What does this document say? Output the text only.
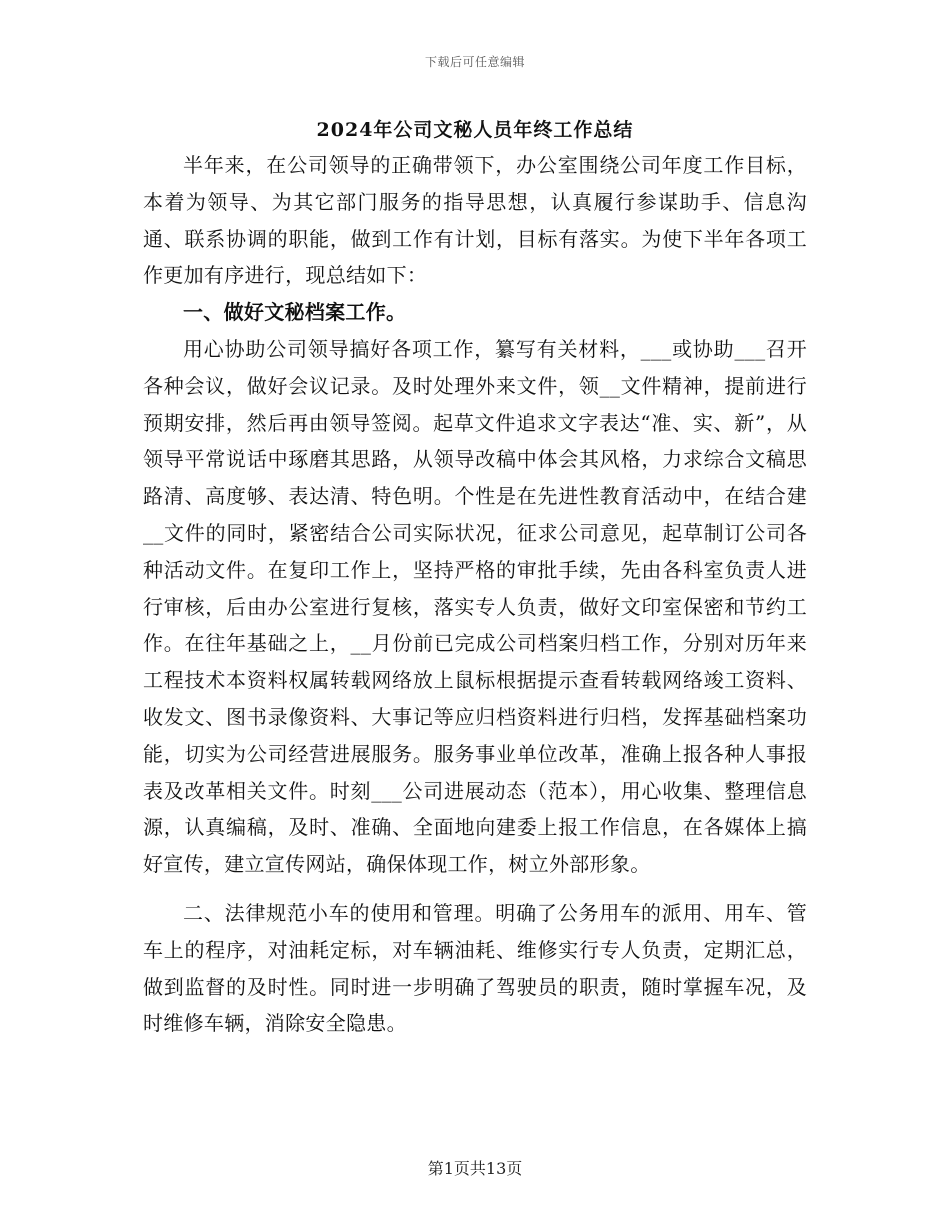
下载后可任意编辑
2024年公司文秘人员年终工作总结

半年来，在公司领导的正确带领下，办公室围绕公司年度工作目标，本着为领导、为其它部门服务的指导思想，认真履行参谋助手、信息沟通、联系协调的职能，做到工作有计划，目标有落实。为使下半年各项工作更加有序进行，现总结如下：

一、做好文秘档案工作。

用心协助公司领导搞好各项工作，纂写有关材料，___或协助___召开各种会议，做好会议记录。及时处理外来文件，领__文件精神，提前进行预期安排，然后再由领导签阅。起草文件追求文字表达“准、实、新”，从领导平常说话中琢磨其思路，从领导改稿中体会其风格，力求综合文稿思路清、高度够、表达清、特色明。个性是在先进性教育活动中，在结合建__文件的同时，紧密结合公司实际状况，征求公司意见，起草制订公司各种活动文件。在复印工作上，坚持严格的审批手续，先由各科室负责人进行审核，后由办公室进行复核，落实专人负责，做好文印室保密和节约工作。在往年基础之上，__月份前已完成公司档案归档工作，分别对历年来工程技术本资料权属转载网络放上鼠标根据提示查看转载网络竣工资料、收发文、图书录像资料、大事记等应归档资料进行归档，发挥基础档案功能，切实为公司经营进展服务。服务事业单位改革，准确上报各种人事报表及改革相关文件。时刻___公司进展动态（范本），用心收集、整理信息源，认真编稿，及时、准确、全面地向建委上报工作信息，在各媒体上搞好宣传，建立宣传网站，确保体现工作，树立外部形象。

二、法律规范小车的使用和管理。明确了公务用车的派用、用车、管车上的程序，对油耗定标，对车辆油耗、维修实行专人负责，定期汇总，做到监督的及时性。同时进一步明确了驾驶员的职责，随时掌握车况，及时维修车辆，消除安全隐患。

第1页共13页
